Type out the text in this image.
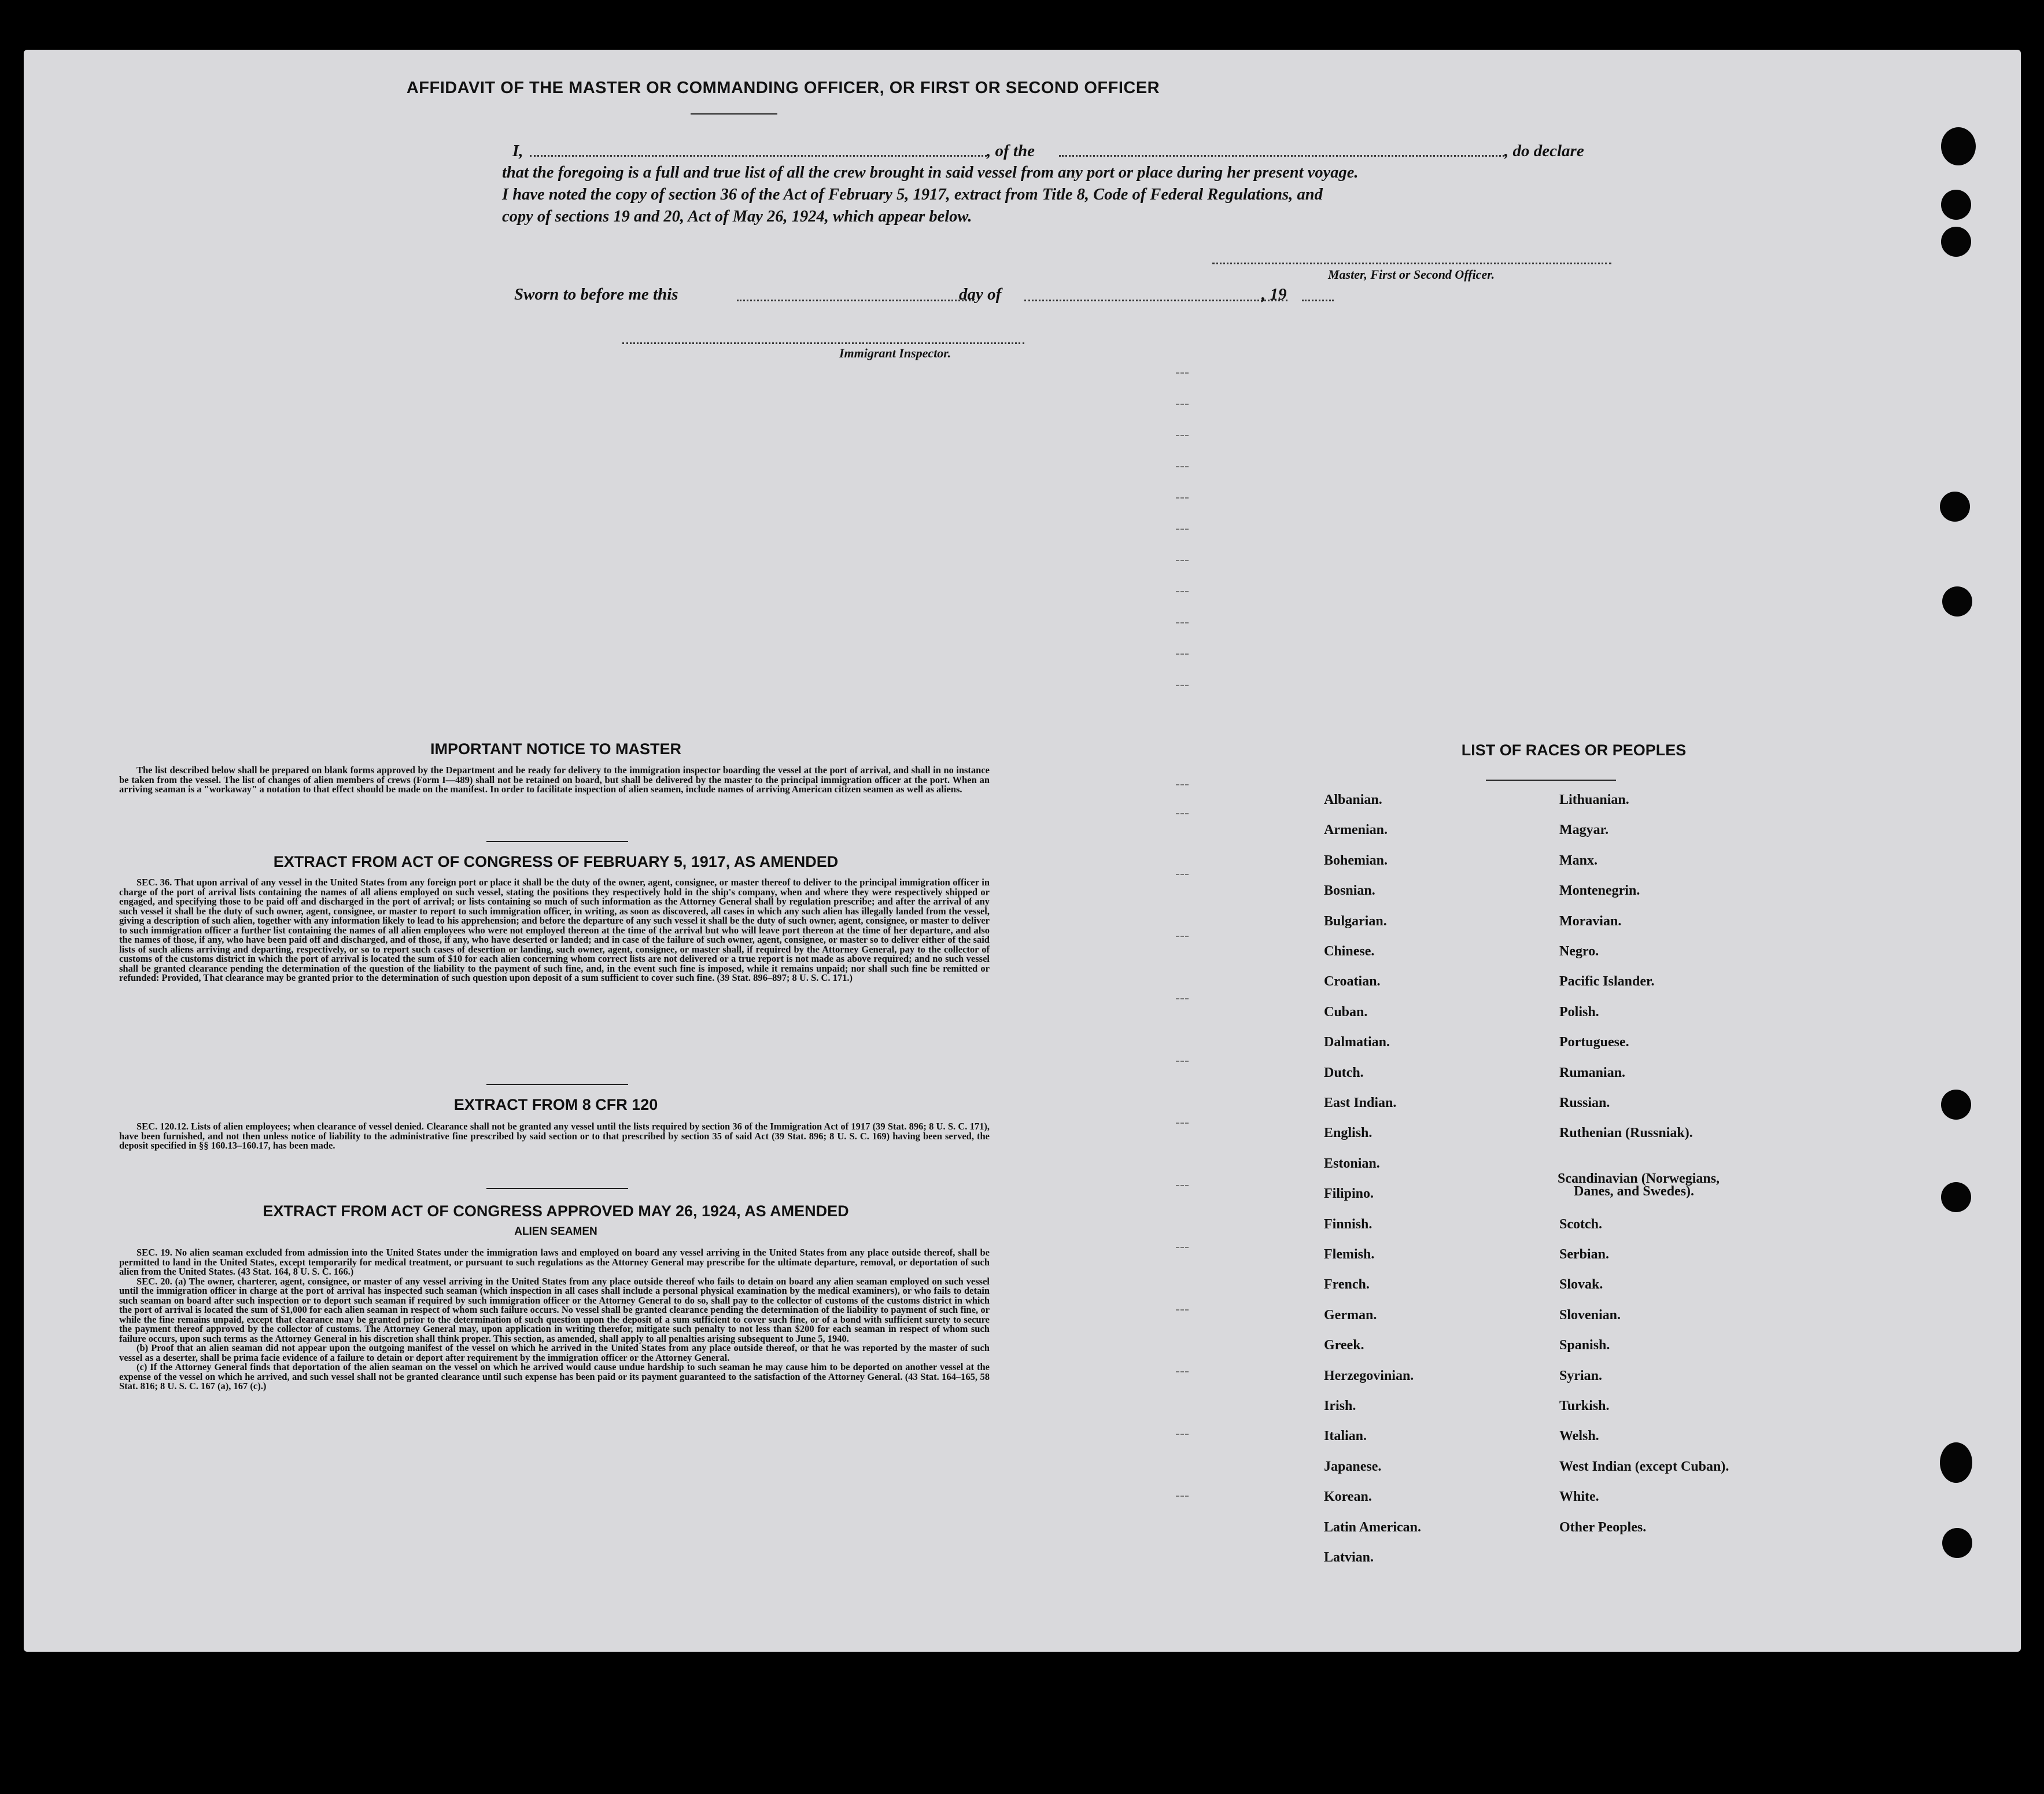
AFFIDAVIT OF THE MASTER OR COMMANDING OFFICER, OR FIRST OR SECOND OFFICER
I,	, of the	, do declare
that the foregoing is a full and true list of all the crew brought in said vessel from any port or place during her present voyage.
I have noted the copy of section 36 of the Act of February 5, 1917, extract from Title 8, Code of Federal Regulations, and
copy of sections 19 and 20, Act of May 26, 1924, which appear below.
Master, First or Second Officer.
Sworn to before me this	day of	, 19
Immigrant Inspector.
IMPORTANT NOTICE TO MASTER

The list described below shall be prepared on blank forms approved by the Department and be ready for delivery to the immigration inspector boarding the vessel at the port of arrival, and shall in no instance be taken from the vessel. The list of changes of alien members of crews (Form I—489) shall not be retained on board, but shall be delivered by the master to the principal immigration officer at the port. When an arriving seaman is a "workaway" a notation to that effect should be made on the manifest. In order to facilitate inspection of alien seamen, include names of arriving American citizen seamen as well as aliens.

EXTRACT FROM ACT OF CONGRESS OF FEBRUARY 5, 1917, AS AMENDED

SEC. 36. That upon arrival of any vessel in the United States from any foreign port or place it shall be the duty of the owner, agent, consignee, or master thereof to deliver to the principal immigration officer in charge of the port of arrival lists containing the names of all aliens employed on such vessel, stating the positions they respectively hold in the ship's company, when and where they were respectively shipped or engaged, and specifying those to be paid off and discharged in the port of arrival; or lists containing so much of such information as the Attorney General shall by regulation prescribe; and after the arrival of any such vessel it shall be the duty of such owner, agent, consignee, or master to report to such immigration officer, in writing, as soon as discovered, all cases in which any such alien has illegally landed from the vessel, giving a description of such alien, together with any information likely to lead to his apprehension; and before the departure of any such vessel it shall be the duty of such owner, agent, consignee, or master to deliver to such immigration officer a further list containing the names of all alien employees who were not employed thereon at the time of the arrival but who will leave port thereon at the time of her departure, and also the names of those, if any, who have been paid off and discharged, and of those, if any, who have deserted or landed; and in case of the failure of such owner, agent, consignee, or master so to deliver either of the said lists of such aliens arriving and departing, respectively, or so to report such cases of desertion or landing, such owner, agent, consignee, or master shall, if required by the Attorney General, pay to the collector of customs of the customs district in which the port of arrival is located the sum of $10 for each alien concerning whom correct lists are not delivered or a true report is not made as above required; and no such vessel shall be granted clearance pending the determination of the question of the liability to the payment of such fine, and, in the event such fine is imposed, while it remains unpaid; nor shall such fine be remitted or refunded: Provided, That clearance may be granted prior to the determination of such question upon deposit of a sum sufficient to cover such fine. (39 Stat. 896–897; 8 U. S. C. 171.)

EXTRACT FROM 8 CFR 120

SEC. 120.12. Lists of alien employees; when clearance of vessel denied. Clearance shall not be granted any vessel until the lists required by section 36 of the Immigration Act of 1917 (39 Stat. 896; 8 U. S. C. 171), have been furnished, and not then unless notice of liability to the administrative fine prescribed by said section or to that prescribed by section 35 of said Act (39 Stat. 896; 8 U. S. C. 169) having been served, the deposit specified in §§ 160.13–160.17, has been made.

EXTRACT FROM ACT OF CONGRESS APPROVED MAY 26, 1924, AS AMENDED
ALIEN SEAMEN

SEC. 19. No alien seaman excluded from admission into the United States under the immigration laws and employed on board any vessel arriving in the United States from any place outside thereof, shall be permitted to land in the United States, except temporarily for medical treatment, or pursuant to such regulations as the Attorney General may prescribe for the ultimate departure, removal, or deportation of such alien from the United States. (43 Stat. 164, 8 U. S. C. 166.)

SEC. 20. (a) The owner, charterer, agent, consignee, or master of any vessel arriving in the United States from any place outside thereof who fails to detain on board any alien seaman employed on such vessel until the immigration officer in charge at the port of arrival has inspected such seaman (which inspection in all cases shall include a personal physical examination by the medical examiners), or who fails to detain such seaman on board after such inspection or to deport such seaman if required by such immigration officer or the Attorney General to do so, shall pay to the collector of customs of the customs district in which the port of arrival is located the sum of $1,000 for each alien seaman in respect of whom such failure occurs. No vessel shall be granted clearance pending the determination of the liability to payment of such fine, or while the fine remains unpaid, except that clearance may be granted prior to the determination of such question upon the deposit of a sum sufficient to cover such fine, or of a bond with sufficient surety to secure the payment thereof approved by the collector of customs. The Attorney General may, upon application in writing therefor, mitigate such penalty to not less than $200 for each seaman in respect of whom such failure occurs, upon such terms as the Attorney General in his discretion shall think proper. This section, as amended, shall apply to all penalties arising subsequent to June 5, 1940.

(b) Proof that an alien seaman did not appear upon the outgoing manifest of the vessel on which he arrived in the United States from any place outside thereof, or that he was reported by the master of such vessel as a deserter, shall be prima facie evidence of a failure to detain or deport after requirement by the immigration officer or the Attorney General.

(c) If the Attorney General finds that deportation of the alien seaman on the vessel on which he arrived would cause undue hardship to such seaman he may cause him to be deported on another vessel at the expense of the vessel on which he arrived, and such vessel shall not be granted clearance until such expense has been paid or its payment guaranteed to the satisfaction of the Attorney General. (43 Stat. 164–165, 58 Stat. 816; 8 U. S. C. 167 (a), 167 (c).)

LIST OF RACES OR PEOPLES
Albanian.
Armenian.
Bohemian.
Bosnian.
Bulgarian.
Chinese.
Croatian.
Cuban.
Dalmatian.
Dutch.
East Indian.
English.
Estonian.
Filipino.
Finnish.
Flemish.
French.
German.
Greek.
Herzegovinian.
Irish.
Italian.
Japanese.
Korean.
Latin American.
Latvian.
Lithuanian.
Magyar.
Manx.
Montenegrin.
Moravian.
Negro.
Pacific Islander.
Polish.
Portuguese.
Rumanian.
Russian.
Ruthenian (Russniak).
Scandinavian (Norwegians,
Danes, and Swedes).
Scotch.
Serbian.
Slovak.
Slovenian.
Spanish.
Syrian.
Turkish.
Welsh.
West Indian (except Cuban).
White.
Other Peoples.
